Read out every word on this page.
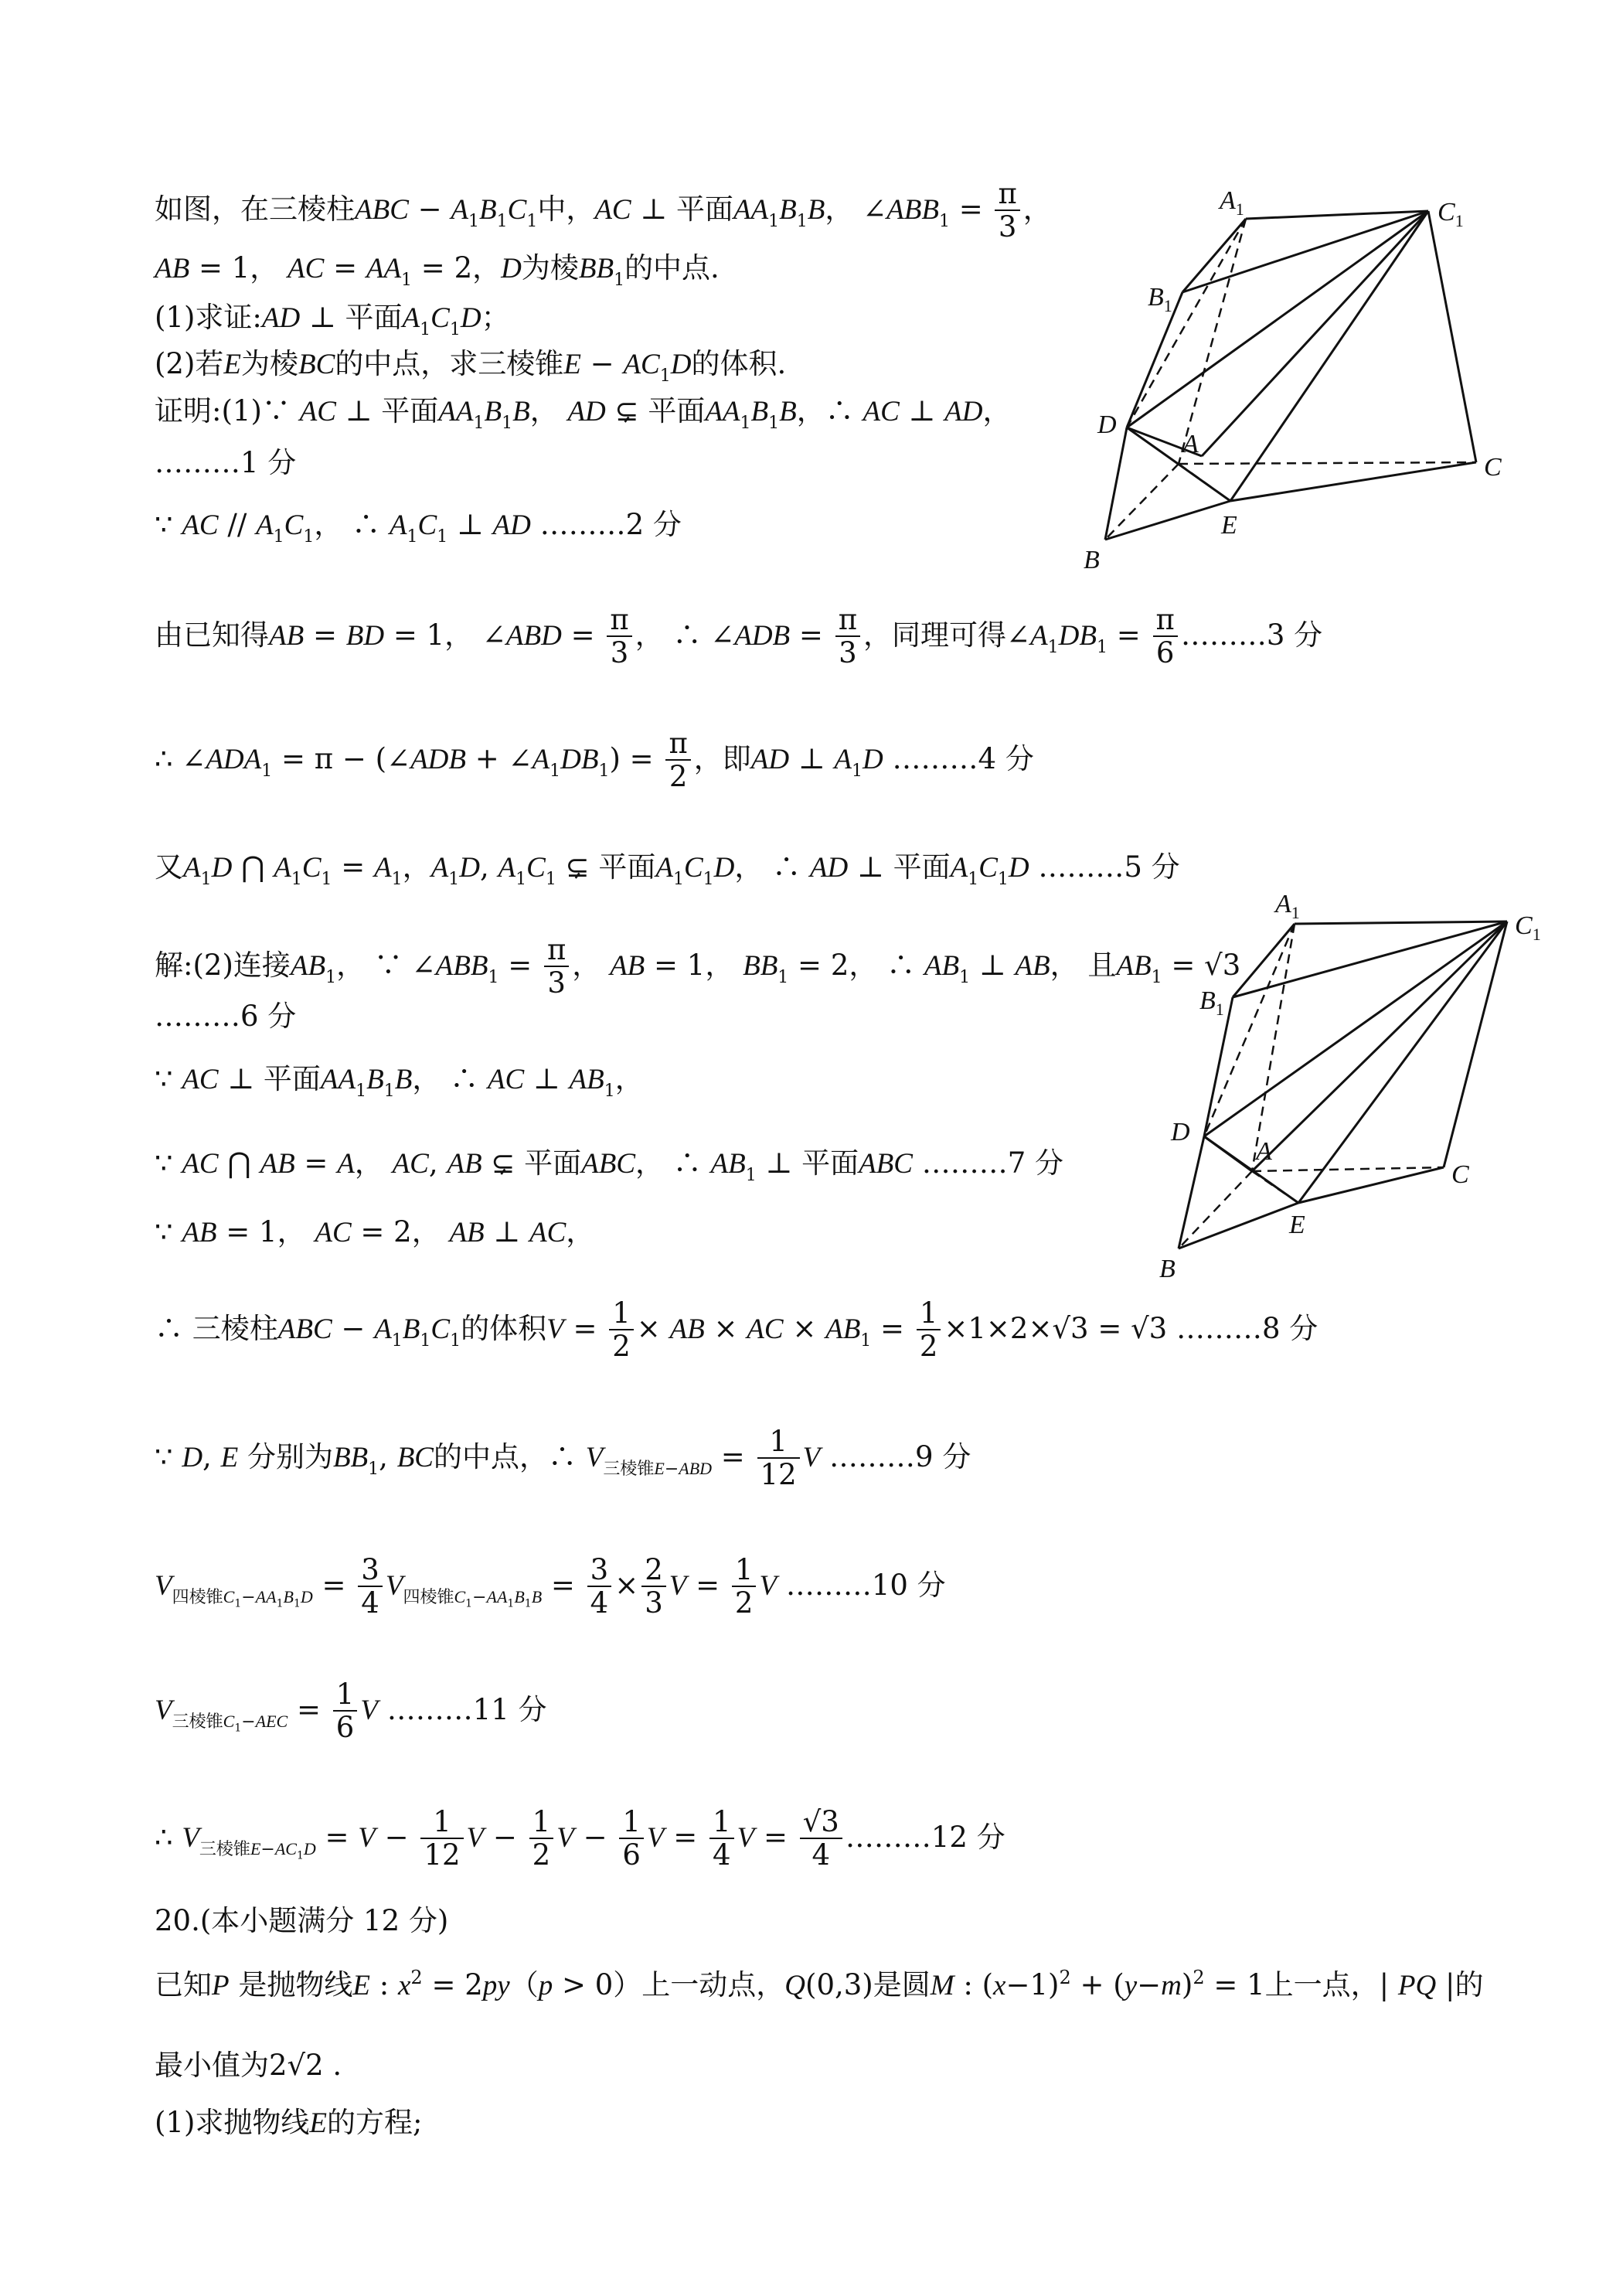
如图，在三棱柱ABC − $A_1B_1C_1$中，AC ⊥ 平面$AA_1B_1B$， $\angle ABB_1 = \frac{\pi}{3}$ ，
AB = 1， AC = $AA_1 = 2$，D为棱$BB_1$的中点.
(1)求证:AD ⊥ 平面$A_1C_1D$；
(2)若E为棱BC的中点，求三棱锥$E - AC_1D$的体积.
证明:(1)∵ AC ⊥ 平面$AA_1B_1B$， AD ⊊ 平面$AA_1B_1B$，∴ AC ⊥ AD，
………1 分
∵ AC // $A_1C_1$， ∴ $A_1C_1$ ⊥ AD ………2 分
由已知得AB = BD = 1， ∠ABD = $\frac{\pi}{3}$ ， ∴ ∠ADB = $\frac{\pi}{3}$ ，同理可得$\angle A_1DB_1 = \frac{\pi}{6}$ ………3 分
∴ $\angle ADA_1 = \pi$ − (∠ADB + $\angle A_1DB_1) = \frac{\pi}{2}$ ，即AD ⊥ $A_1D$ ………4 分
又$A_1D$ ⋂ $A_1C_1 = A_1$，$A_1D$, $A_1C_1$ ⊊ 平面$A_1C_1D$， ∴ AD ⊥ 平面$A_1C_1D$ ………5 分
解:(2)连接$AB_1$， ∵ $\angle ABB_1 = \frac{\pi}{3}$ ， AB = 1， $BB_1 = 2$， ∴ $AB_1$ ⊥ AB， 且$AB_1 = √3$
………6 分
∵ AC ⊥ 平面$AA_1B_1B$， ∴ AC ⊥ $AB_1$，
∵ AC ⋂ AB = A， AC, AB ⊊ 平面ABC， ∴ $AB_1$ ⊥ 平面ABC ………7 分
∵ AB = 1， AC = 2， AB ⊥ AC，
∴ 三棱柱ABC − $A_1B_1C_1$的体积$V = \frac{1}{2}$ × AB × AC × $AB_1 = \frac{1}{2} \times 1\times 2\times√3 = √3$ ………8 分
∵ D, E 分别为$BB_1$, BC的中点，∴ $V_{三棱锥E-ABD} = \frac{1}{12}$ V ………9 分
$V_{四棱锥C_1-AA_1B_1D} = \frac{3}{4} V_{四棱锥C_1-AA_1B_1B} = \frac{3}{4} \times \frac{2}{3}$ $V = \frac{1}{2}$ V ………10 分
$V_{三棱锥C_1-AEC} = \frac{1}{6}$ V ………11 分
∴ $V_{三棱锥E-AC_1D} = V - \frac{1}{12}$ $V - \frac{1}{2}$ $V - \frac{1}{6}$ $V = \frac{1}{4}$ $V = \frac{√3}{4}$ ………12 分
20.(本小题满分 12 分)
已知P 是抛物线E : $x^2 = 2py(p > 0)$上一动点，Q(0,3)是圆M : $(x-1)^2 + (y-m)^2 = 1$上一点，| PQ |的
最小值为2√2 .
(1)求抛物线E的方程;
$A_1$	$C_1$
$B_1$
D
A
C
E
B
$A_1$	$C_1$
$B_1$
D
A
C
E
B
